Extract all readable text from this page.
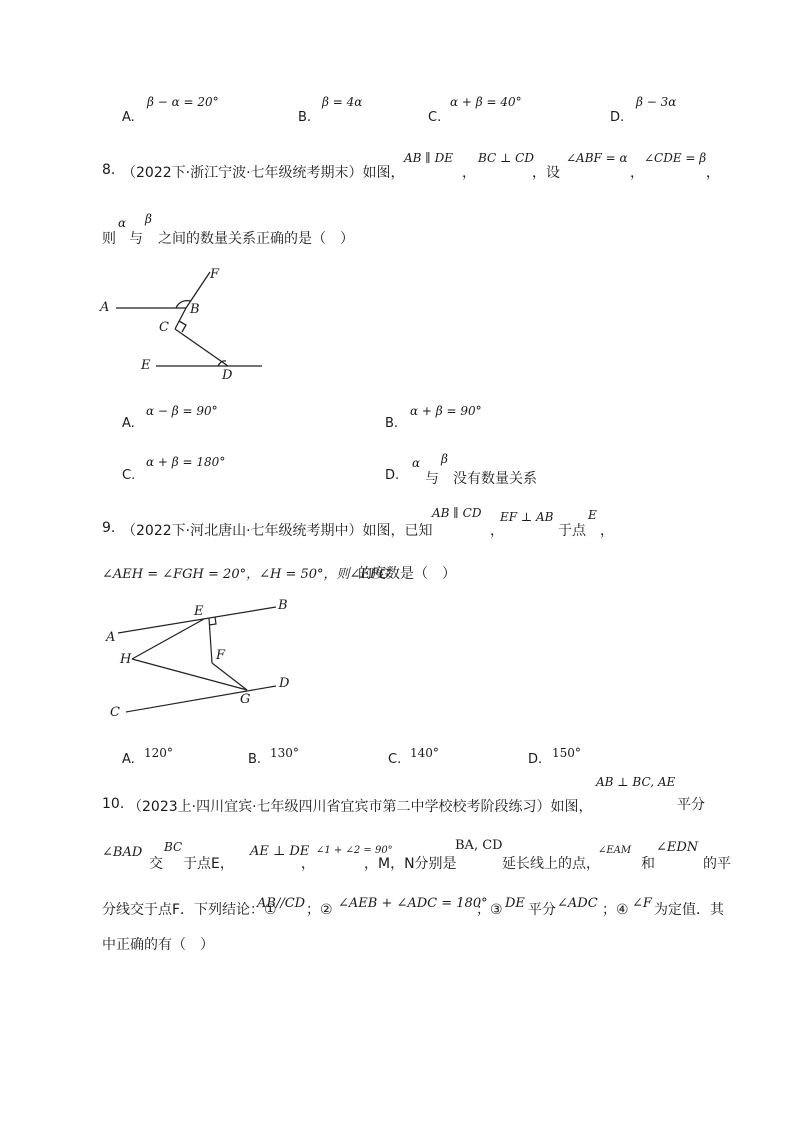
A.
β − α = 20°
B.
β = 4α
C.
α + β = 40°
D.
β − 3α
8. （2022下·浙江宁波·七年级统考期末）如图，
AB ∥ DE
，
BC ⊥ CD
，设
∠ABF = α
，
∠CDE = β
，
则
α
与
β
之间的数量关系正确的是（　）
A	B
C
D
E
F
A.
α − β = 90°
B.
α + β = 90°
C.
α + β = 180°
D.
α
与
β
没有数量关系
9. （2022下·河北唐山·七年级统考期中）如图，已知
AB ∥ CD
，
EF ⊥ AB
于点
E
，
∠AEH = ∠FGH = 20°，∠H = 50°，则∠EFG
的度数是（　）
A
B
C
D
E
F
G
H
A. 120°	B. 130°	C. 140°	D. 150°
10. （2023上·四川宜宾·七年级四川省宜宾市第二中学校校考阶段练习）如图，
AB ⊥ BC, AE
平分
∠BAD
交
BC
于点E，
AE ⊥ DE
，
∠1 + ∠2 = 90°
，M，N分别是
BA, CD
延长线上的点，
∠EAM
和
∠EDN
的平
分线交于点F．下列结论：①
AB//CD ；② ∠AEB + ∠ADC = 180°
；③ DE 平分 ∠ADC ；④ ∠F 为定值．其
中正确的有（　）
